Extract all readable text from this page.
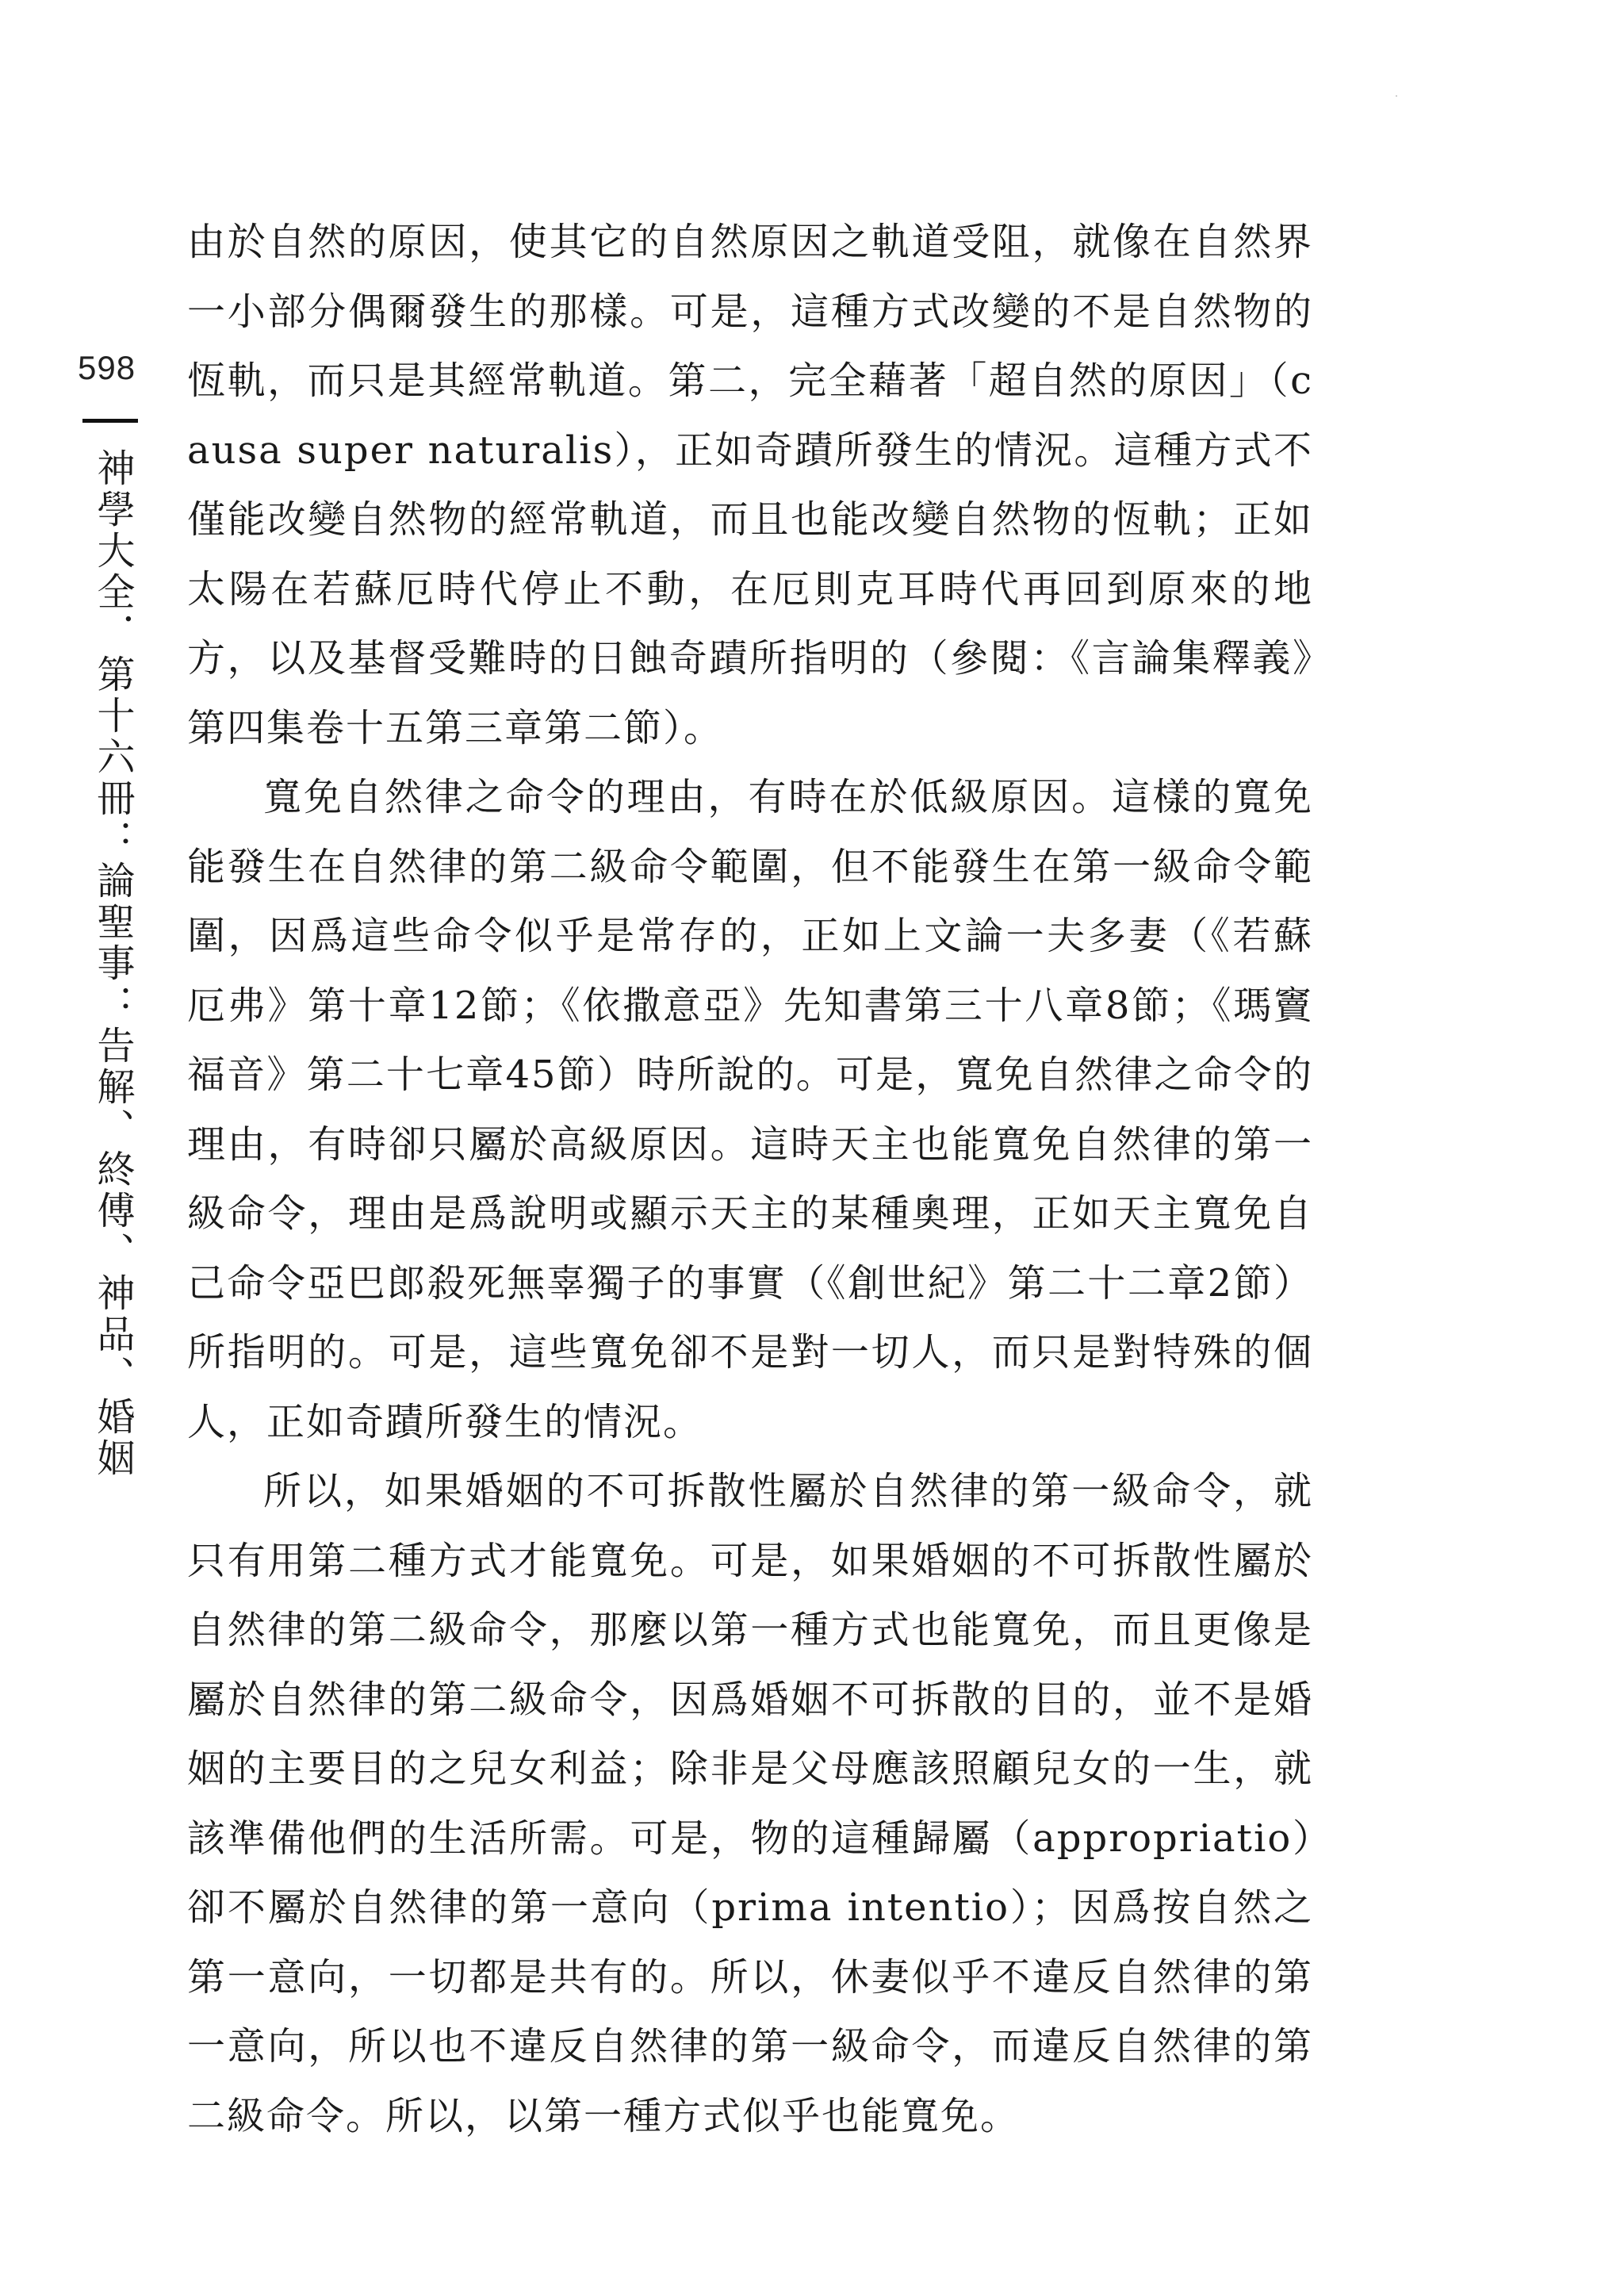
598
神學大全．第十六冊：論聖事：告解、終傅、神品、婚姻

由於自然的原因，使其它的自然原因之軌道受阻，就像在自然界一小部分偶爾發生的那樣。可是，這種方式改變的不是自然物的恆軌，而只是其經常軌道。第二，完全藉著「超自然的原因」（causa super naturalis），正如奇蹟所發生的情況。這種方式不僅能改變自然物的經常軌道，而且也能改變自然物的恆軌；正如太陽在若蘇厄時代停止不動，在厄則克耳時代再回到原來的地方，以及基督受難時的日蝕奇蹟所指明的（參閱：《言論集釋義》第四集卷十五第三章第二節）。

寬免自然律之命令的理由，有時在於低級原因。這樣的寬免能發生在自然律的第二級命令範圍，但不能發生在第一級命令範圍，因爲這些命令似乎是常存的，正如上文論一夫多妻（《若蘇厄弗》第十章12節；《依撒意亞》先知書第三十八章8節；《瑪竇福音》第二十七章45節）時所說的。可是，寬免自然律之命令的理由，有時卻只屬於高級原因。這時天主也能寬免自然律的第一級命令，理由是爲說明或顯示天主的某種奧理，正如天主寬免自己命令亞巴郎殺死無辜獨子的事實（《創世紀》第二十二章2節）所指明的。可是，這些寬免卻不是對一切人，而只是對特殊的個人，正如奇蹟所發生的情況。

所以，如果婚姻的不可拆散性屬於自然律的第一級命令，就只有用第二種方式才能寬免。可是，如果婚姻的不可拆散性屬於自然律的第二級命令，那麼以第一種方式也能寬免，而且更像是屬於自然律的第二級命令，因爲婚姻不可拆散的目的，並不是婚姻的主要目的之兒女利益；除非是父母應該照顧兒女的一生，就該準備他們的生活所需。可是，物的這種歸屬（appropriatio）卻不屬於自然律的第一意向（prima intentio）；因爲按自然之第一意向，一切都是共有的。所以，休妻似乎不違反自然律的第一意向，所以也不違反自然律的第一級命令，而違反自然律的第二級命令。所以，以第一種方式似乎也能寬免。
